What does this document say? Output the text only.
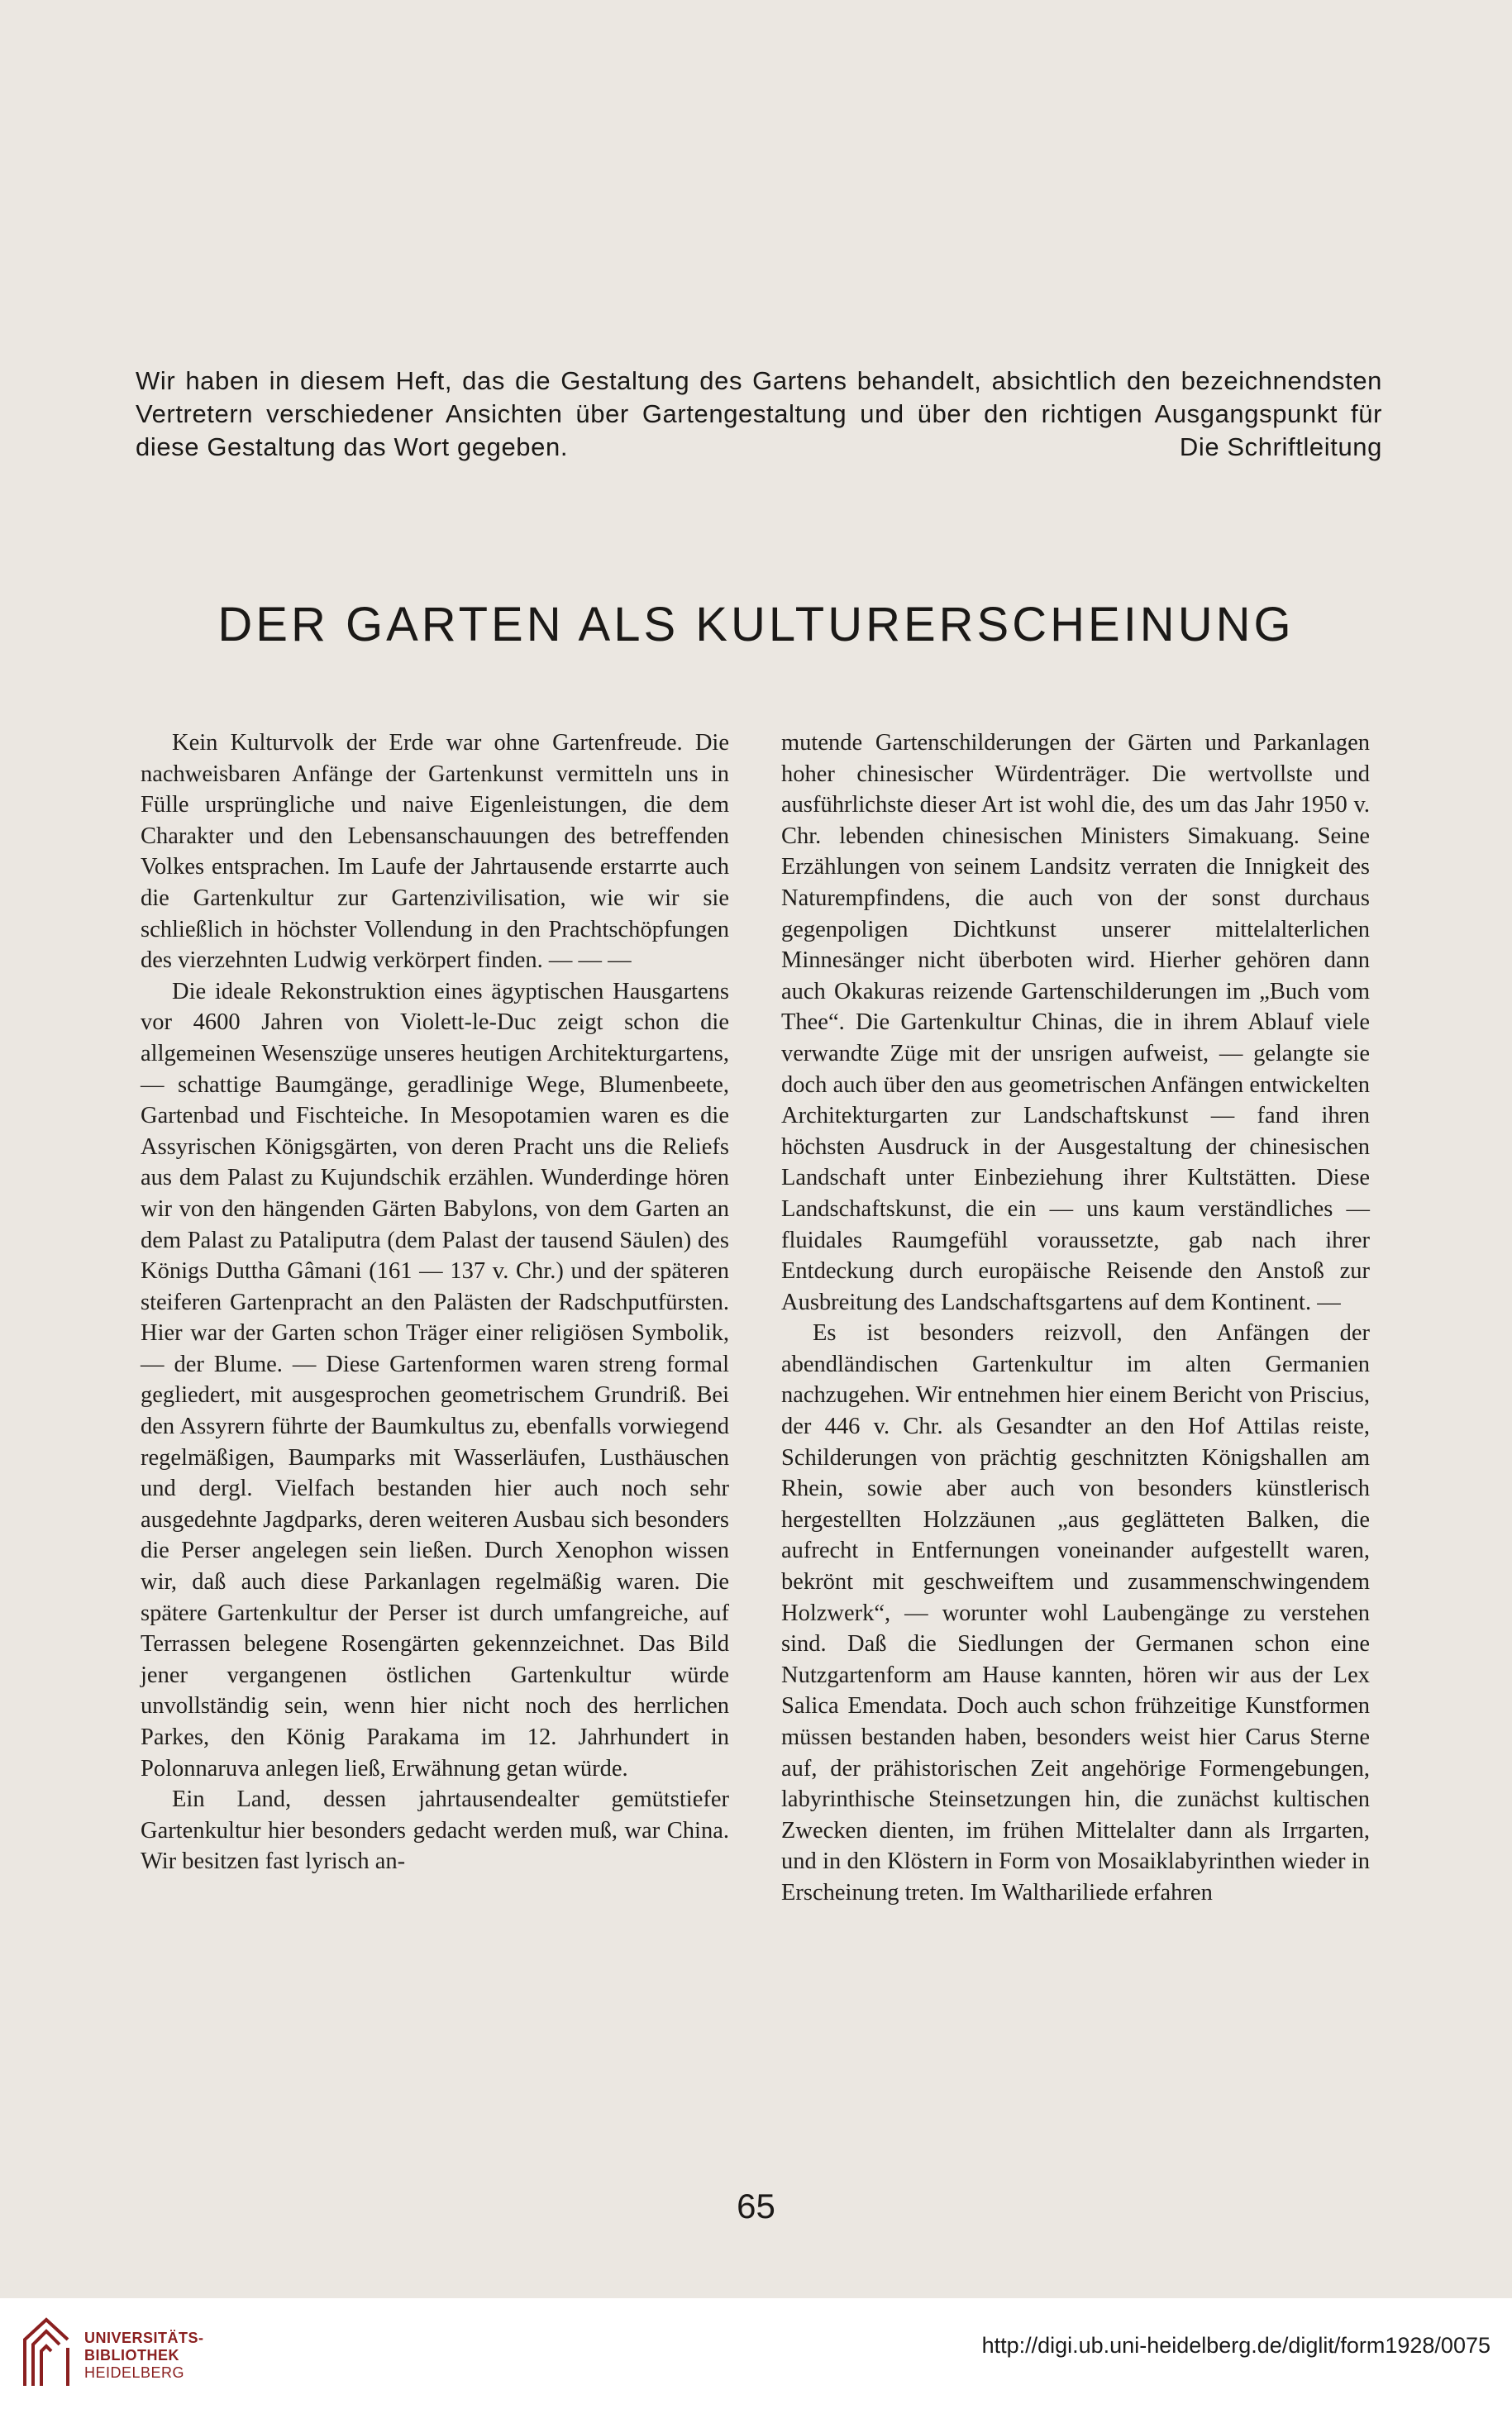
Wir haben in diesem Heft, das die Gestaltung des Gartens behandelt, absichtlich den bezeichnendsten Vertretern verschiedener Ansichten über Gartengestaltung und über den richtigen Ausgangspunkt für diese Gestaltung das Wort gegeben.	Die Schriftleitung
DER GARTEN ALS KULTURERSCHEINUNG

Kein Kulturvolk der Erde war ohne Gartenfreude. Die nachweisbaren Anfänge der Gartenkunst vermitteln uns in Fülle ursprüngliche und naive Eigenleistungen, die dem Charakter und den Lebensanschauungen des betreffenden Volkes entsprachen. Im Laufe der Jahrtausende erstarrte auch die Gartenkultur zur Gartenzivilisation, wie wir sie schließlich in höchster Vollendung in den Prachtschöpfungen des vierzehnten Ludwig verkörpert finden. — — —

Die ideale Rekonstruktion eines ägyptischen Hausgartens vor 4600 Jahren von Violett-le-Duc zeigt schon die allgemeinen Wesenszüge unseres heutigen Architekturgartens, — schattige Baumgänge, geradlinige Wege, Blumenbeete, Gartenbad und Fischteiche. In Mesopotamien waren es die Assyrischen Königsgärten, von deren Pracht uns die Reliefs aus dem Palast zu Kujundschik erzählen. Wunderdinge hören wir von den hängenden Gärten Babylons, von dem Garten an dem Palast zu Pataliputra (dem Palast der tausend Säulen) des Königs Duttha Gâmani (161 — 137 v. Chr.) und der späteren steiferen Gartenpracht an den Palästen der Radschputfürsten. Hier war der Garten schon Träger einer religiösen Symbolik, — der Blume. — Diese Gartenformen waren streng formal gegliedert, mit ausgesprochen geometrischem Grundriß. Bei den Assyrern führte der Baumkultus zu, ebenfalls vorwiegend regelmäßigen, Baumparks mit Wasserläufen, Lusthäuschen und dergl. Vielfach bestanden hier auch noch sehr ausgedehnte Jagdparks, deren weiteren Ausbau sich besonders die Perser angelegen sein ließen. Durch Xenophon wissen wir, daß auch diese Parkanlagen regelmäßig waren. Die spätere Gartenkultur der Perser ist durch umfangreiche, auf Terrassen belegene Rosengärten gekennzeichnet. Das Bild jener vergangenen östlichen Gartenkultur würde unvollständig sein, wenn hier nicht noch des herrlichen Parkes, den König Parakama im 12. Jahrhundert in Polonnaruva anlegen ließ, Erwähnung getan würde.

Ein Land, dessen jahrtausendealter gemütstiefer Gartenkultur hier besonders gedacht werden muß, war China. Wir besitzen fast lyrisch an-

mutende Gartenschilderungen der Gärten und Parkanlagen hoher chinesischer Würdenträger. Die wertvollste und ausführlichste dieser Art ist wohl die, des um das Jahr 1950 v. Chr. lebenden chinesischen Ministers Simakuang. Seine Erzählungen von seinem Landsitz verraten die Innigkeit des Naturempfindens, die auch von der sonst durchaus gegenpoligen Dichtkunst unserer mittelalterlichen Minnesänger nicht überboten wird. Hierher gehören dann auch Okakuras reizende Gartenschilderungen im „Buch vom Thee“. Die Gartenkultur Chinas, die in ihrem Ablauf viele verwandte Züge mit der unsrigen aufweist, — gelangte sie doch auch über den aus geometrischen Anfängen entwickelten Architekturgarten zur Landschaftskunst — fand ihren höchsten Ausdruck in der Ausgestaltung der chinesischen Landschaft unter Einbeziehung ihrer Kultstätten. Diese Landschaftskunst, die ein — uns kaum verständliches — fluidales Raumgefühl voraussetzte, gab nach ihrer Entdeckung durch europäische Reisende den Anstoß zur Ausbreitung des Landschaftsgartens auf dem Kontinent. —

Es ist besonders reizvoll, den Anfängen der abendländischen Gartenkultur im alten Germanien nachzugehen. Wir entnehmen hier einem Bericht von Priscius, der 446 v. Chr. als Gesandter an den Hof Attilas reiste, Schilderungen von prächtig geschnitzten Königshallen am Rhein, sowie aber auch von besonders künstlerisch hergestellten Holzzäunen „aus geglätteten Balken, die aufrecht in Entfernungen voneinander aufgestellt waren, bekrönt mit geschweiftem und zusammenschwingendem Holzwerk“, — worunter wohl Laubengänge zu verstehen sind. Daß die Siedlungen der Germanen schon eine Nutzgartenform am Hause kannten, hören wir aus der Lex Salica Emendata. Doch auch schon frühzeitige Kunstformen müssen bestanden haben, besonders weist hier Carus Sterne auf, der prähistorischen Zeit angehörige Formengebungen, labyrinthische Steinsetzungen hin, die zunächst kultischen Zwecken dienten, im frühen Mittelalter dann als Irrgarten, und in den Klöstern in Form von Mosaiklabyrinthen wieder in Erscheinung treten. Im Walthariliede erfahren

65
UNIVERSITÄTS-
BIBLIOTHEK
HEIDELBERG
http://digi.ub.uni-heidelberg.de/diglit/form1928/0075
